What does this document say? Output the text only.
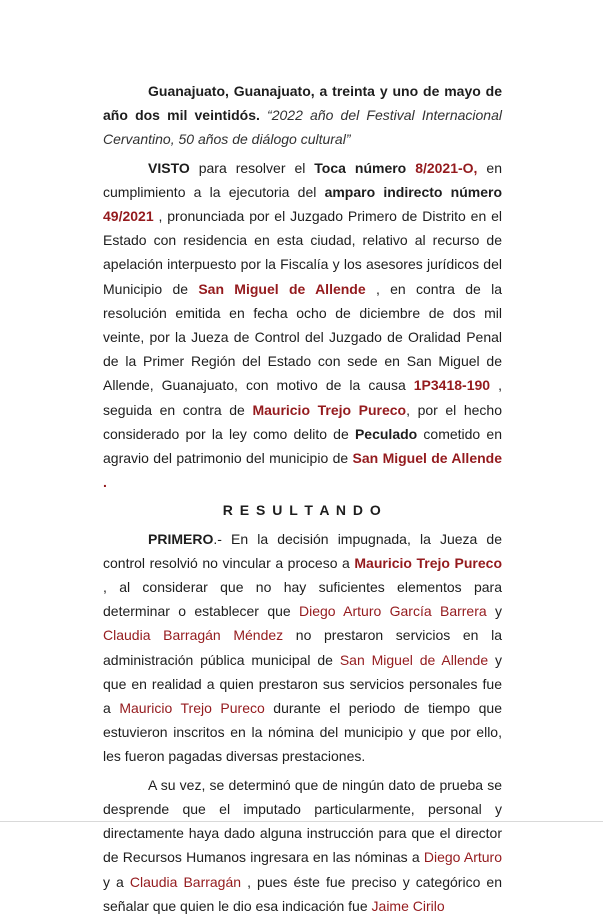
Guanajuato, Guanajuato, a treinta y uno de mayo de año dos mil veintidós. “2022 año del Festival Internacional Cervantino, 50 años de diálogo cultural”

VISTO para resolver el Toca número 8/2021-O, en cumplimiento a la ejecutoria del amparo indirecto número 49/2021 , pronunciada por el Juzgado Primero de Distrito en el Estado con residencia en esta ciudad, relativo al recurso de apelación interpuesto por la Fiscalía y los asesores jurídicos del Municipio de San Miguel de Allende , en contra de la resolución emitida en fecha ocho de diciembre de dos mil veinte, por la Jueza de Control del Juzgado de Oralidad Penal de la Primer Región del Estado con sede en San Miguel de Allende, Guanajuato, con motivo de la causa 1P3418-190 , seguida en contra de Mauricio Trejo Pureco, por el hecho considerado por la ley como delito de Peculado cometido en agravio del patrimonio del municipio de San Miguel de Allende .

R E S U L T A N D O

PRIMERO.- En la decisión impugnada, la Jueza de control resolvió no vincular a proceso a Mauricio Trejo Pureco , al considerar que no hay suficientes elementos para determinar o establecer que Diego Arturo García Barrera y Claudia Barragán Méndez no prestaron servicios en la administración pública municipal de San Miguel de Allende y que en realidad a quien prestaron sus servicios personales fue a Mauricio Trejo Pureco durante el periodo de tiempo que estuvieron inscritos en la nómina del municipio y que por ello, les fueron pagadas diversas prestaciones.

A su vez, se determinó que de ningún dato de prueba se desprende que el imputado particularmente, personal y directamente haya dado alguna instrucción para que el director de Recursos Humanos ingresara en las nóminas a Diego Arturo y a Claudia Barragán , pues éste fue preciso y categórico en señalar que quien le dio esa indicación fue Jaime Cirilo
